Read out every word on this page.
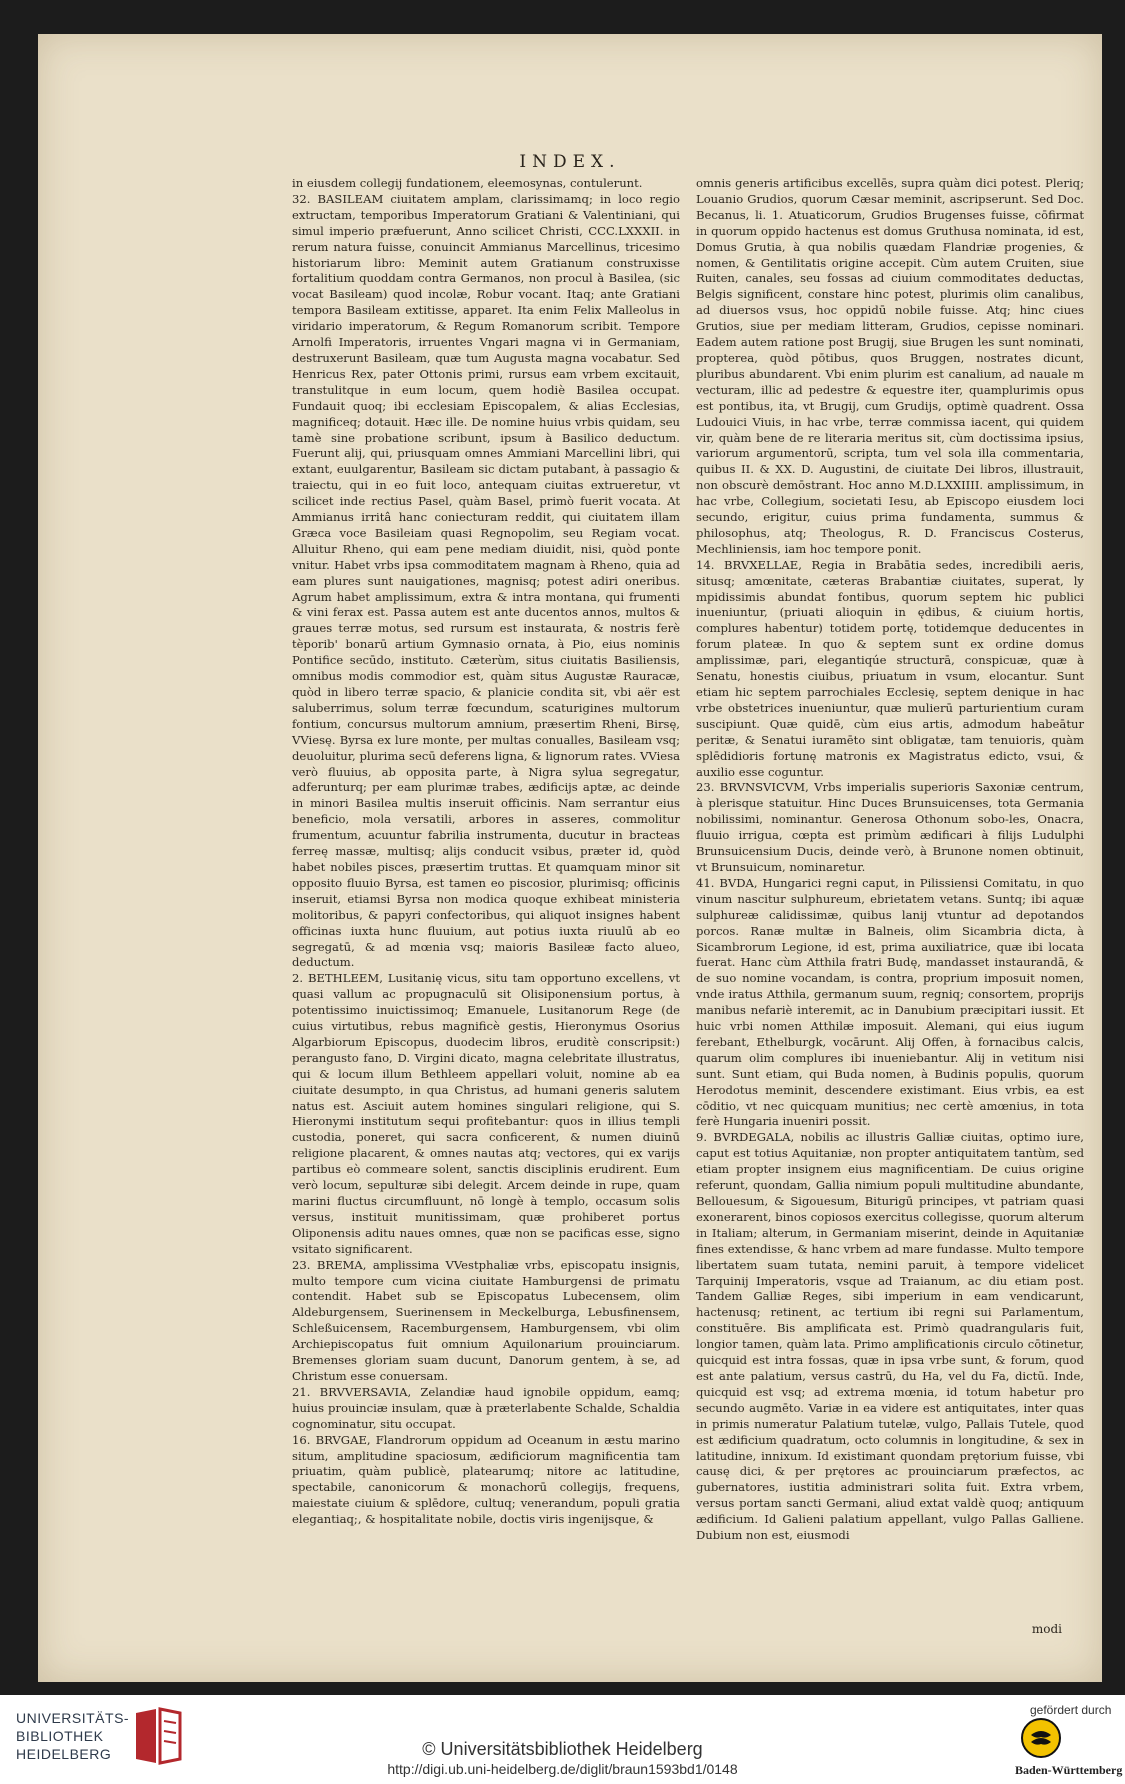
INDEX.

in eiusdem collegij fundationem, eleemosynas, contulerunt.

32. BASILEAM ciuitatem amplam, clarissimamq; in loco regio extructam, temporibus Imperatorum Gratiani & Valentiniani, qui simul imperio præfuerunt, Anno scilicet Christi, CCC.LXXXII. in rerum natura fuisse, conuincit Ammianus Marcellinus, tricesimo historiarum libro: Meminit autem Gratianum construxisse fortalitium quoddam contra Germanos, non procul à Basilea, (sic vocat Basileam) quod incolæ, Robur vocant. Itaq; ante Gratiani tempora Basileam extitisse, apparet. Ita enim Felix Malleolus in viridario imperatorum, & Regum Romanorum scribit. Tempore Arnolfi Imperatoris, irruentes Vngari magna vi in Germaniam, destruxerunt Basileam, quæ tum Augusta magna vocabatur. Sed Henricus Rex, pater Ottonis primi, rursus eam vrbem excitauit, transtulitque in eum locum, quem hodiè Basilea occupat. Fundauit quoq; ibi ecclesiam Episcopalem, & alias Ecclesias, magnificeq; dotauit. Hæc ille. De nomine huius vrbis quidam, seu tamè sine probatione scribunt, ipsum à Basilico deductum. Fuerunt alij, qui, priusquam omnes Ammiani Marcellini libri, qui extant, euulgarentur, Basileam sic dictam putabant, à passagio & traiectu, qui in eo fuit loco, antequam ciuitas extrueretur, vt scilicet inde rectius Pasel, quàm Basel, primò fuerit vocata. At Ammianus irritâ hanc coniecturam reddit, qui ciuitatem illam Græca voce Basileiam quasi Regnopolim, seu Regiam vocat. Alluitur Rheno, qui eam pene mediam diuidit, nisi, quòd ponte vnitur. Habet vrbs ipsa commoditatem magnam à Rheno, quia ad eam plures sunt nauigationes, magnisq; potest adiri oneribus. Agrum habet amplissimum, extra & intra montana, qui frumenti & vini ferax est. Passa autem est ante ducentos annos, multos & graues terræ motus, sed rursum est instaurata, & nostris ferè tèporib' bonarū artium Gymnasio ornata, à Pio, eius nominis Pontifice secūdo, instituto. Cæterùm, situs ciuitatis Basiliensis, omnibus modis commodior est, quàm situs Augustæ Rauracæ, quòd in libero terræ spacio, & planicie condita sit, vbi aër est saluberrimus, solum terræ fœcundum, scaturigines multorum fontium, concursus multorum amnium, præsertim Rheni, Birsę, VViesę. Byrsa ex lure monte, per multas conualles, Basileam vsq; deuoluitur, plurima secū deferens ligna, & lignorum rates. VViesa verò fluuius, ab opposita parte, à Nigra sylua segregatur, adferunturq; per eam plurimæ trabes, ædificijs aptæ, ac deinde in minori Basilea multis inseruit officinis. Nam serrantur eius beneficio, mola versatili, arbores in asseres, commolitur frumentum, acuuntur fabrilia instrumenta, ducutur in bracteas ferreę massæ, multisq; alijs conducit vsibus, præter id, quòd habet nobiles pisces, præsertim truttas. Et quamquam minor sit opposito fluuio Byrsa, est tamen eo piscosior, plurimisq; officinis inseruit, etiamsi Byrsa non modica quoque exhibeat ministeria molitoribus, & papyri confectoribus, qui aliquot insignes habent officinas iuxta hunc fluuium, aut potius iuxta riuulū ab eo segregatū, & ad mœnia vsq; maioris Basileæ facto alueo, deductum.

2. BETHLEEM, Lusitanię vicus, situ tam opportuno excellens, vt quasi vallum ac propugnaculū sit Olisiponensium portus, à potentissimo inuictissimoq; Emanuele, Lusitanorum Rege (de cuius virtutibus, rebus magnificè gestis, Hieronymus Osorius Algarbiorum Episcopus, duodecim libros, eruditè conscripsit:) perangusto fano, D. Virgini dicato, magna celebritate illustratus, qui & locum illum Bethleem appellari voluit, nomine ab ea ciuitate desumpto, in qua Christus, ad humani generis salutem natus est. Asciuit autem homines singulari religione, qui S. Hieronymi institutum sequi profitebantur: quos in illius templi custodia, poneret, qui sacra conficerent, & numen diuinū religione placarent, & omnes nautas atq; vectores, qui ex varijs partibus eò commeare solent, sanctis disciplinis erudirent. Eum verò locum, sepulturæ sibi delegit. Arcem deinde in rupe, quam marini fluctus circumfluunt, nō longè à templo, occasum solis versus, instituit munitissimam, quæ prohiberet portus Oliponensis aditu naues omnes, quæ non se pacificas esse, signo vsitato significarent.

23. BREMA, amplissima VVestphaliæ vrbs, episcopatu insignis, multo tempore cum vicina ciuitate Hamburgensi de primatu contendit. Habet sub se Episcopatus Lubecensem, olim Aldeburgensem, Suerinensem in Meckelburga, Lebusfinensem, Schleßuicensem, Racemburgensem, Hamburgensem, vbi olim Archiepiscopatus fuit omnium Aquilonarium prouinciarum. Bremenses gloriam suam ducunt, Danorum gentem, à se, ad Christum esse conuersam.

21. BRVVERSAVIA, Zelandiæ haud ignobile oppidum, eamq; huius prouinciæ insulam, quæ à præterlabente Schalde, Schaldia cognominatur, situ occupat.

16. BRVGAE, Flandrorum oppidum ad Oceanum in æstu marino situm, amplitudine spaciosum, ædificiorum magnificentia tam priuatim, quàm publicè, platearumq; nitore ac latitudine, spectabile, canonicorum & monachorū collegijs, frequens, maiestate ciuium & splēdore, cultuq; venerandum, populi gratia elegantiaq;, & hospitalitate nobile, doctis viris ingenijsque, &

omnis generis artificibus excellēs, supra quàm dici potest. Pleriq; Louanio Grudios, quorum Cæsar meminit, ascripserunt. Sed Doc. Becanus, li. 1. Atuaticorum, Grudios Brugenses fuisse, cōfirmat in quorum oppido hactenus est domus Gruthusa nominata, id est, Domus Grutia, à qua nobilis quædam Flandriæ progenies, & nomen, & Gentilitatis origine accepit. Cùm autem Cruiten, siue Ruiten, canales, seu fossas ad ciuium commoditates deductas, Belgis significent, constare hinc potest, plurimis olim canalibus, ad diuersos vsus, hoc oppidū nobile fuisse. Atq; hinc ciues Grutios, siue per mediam litteram, Grudios, cepisse nominari. Eadem autem ratione post Brugij, siue Brugen les sunt nominati, propterea, quòd pōtibus, quos Bruggen, nostrates dicunt, pluribus abundarent. Vbi enim plurim est canalium, ad nauale m vecturam, illic ad pedestre & equestre iter, quamplurimis opus est pontibus, ita, vt Brugij, cum Grudijs, optimè quadrent. Ossa Ludouici Viuis, in hac vrbe, terræ commissa iacent, qui quidem vir, quàm bene de re literaria meritus sit, cùm doctissima ipsius, variorum argumentorū, scripta, tum vel sola illa commentaria, quibus II. & XX. D. Augustini, de ciuitate Dei libros, illustrauit, non obscurè demōstrant. Hoc anno M.D.LXXIIII. amplissimum, in hac vrbe, Collegium, societati Iesu, ab Episcopo eiusdem loci secundo, erigitur, cuius prima fundamenta, summus & philosophus, atq; Theologus, R. D. Franciscus Costerus, Mechliniensis, iam hoc tempore ponit.

14. BRVXELLAE, Regia in Brabātia sedes, incredibili aeris, situsq; amœnitate, cæteras Brabantiæ ciuitates, superat, ly mpidissimis abundat fontibus, quorum septem hic publici inueniuntur, (priuati alioquin in ędibus, & ciuium hortis, complures habentur) totidem portę, totidemque deducentes in forum plateæ. In quo & septem sunt ex ordine domus amplissimæ, pari, elegantiqúe structurā, conspicuæ, quæ à Senatu, honestis ciuibus, priuatum in vsum, elocantur. Sunt etiam hic septem parrochiales Ecclesię, septem denique in hac vrbe obstetrices inueniuntur, quæ mulierū parturientium curam suscipiunt. Quæ quidē, cùm eius artis, admodum habeātur peritæ, & Senatui iuramēto sint obligatæ, tam tenuioris, quàm splēdidioris fortunę matronis ex Magistratus edicto, vsui, & auxilio esse coguntur.

23. BRVNSVICVM, Vrbs imperialis superioris Saxoniæ centrum, à plerisque statuitur. Hinc Duces Brunsuicenses, tota Germania nobilissimi, nominantur. Generosa Othonum sobo-les, Onacra, fluuio irrigua, cœpta est primùm ædificari à filijs Ludulphi Brunsuicensium Ducis, deinde verò, à Brunone nomen obtinuit, vt Brunsuicum, nominaretur.

41. BVDA, Hungarici regni caput, in Pilissiensi Comitatu, in quo vinum nascitur sulphureum, ebrietatem vetans. Suntq; ibi aquæ sulphureæ calidissimæ, quibus lanij vtuntur ad depotandos porcos. Ranæ multæ in Balneis, olim Sicambria dicta, à Sicambrorum Legione, id est, prima auxiliatrice, quæ ibi locata fuerat. Hanc cùm Atthila fratri Budę, mandasset instaurandā, & de suo nomine vocandam, is contra, proprium imposuit nomen, vnde iratus Atthila, germanum suum, regniq; consortem, proprijs manibus nefariè interemit, ac in Danubium præcipitari iussit. Et huic vrbi nomen Atthilæ imposuit. Alemani, qui eius iugum ferebant, Ethelburgk, vocārunt. Alij Offen, à fornacibus calcis, quarum olim complures ibi inueniebantur. Alij in vetitum nisi sunt. Sunt etiam, qui Buda nomen, à Budinis populis, quorum Herodotus meminit, descendere existimant. Eius vrbis, ea est cōditio, vt nec quicquam munitius; nec certè amœnius, in tota ferè Hungaria inueniri possit.

9. BVRDEGALA, nobilis ac illustris Galliæ ciuitas, optimo iure, caput est totius Aquitaniæ, non propter antiquitatem tantùm, sed etiam propter insignem eius magnificentiam. De cuius origine referunt, quondam, Gallia nimium populi multitudine abundante, Bellouesum, & Sigouesum, Biturigū principes, vt patriam quasi exonerarent, binos copiosos exercitus collegisse, quorum alterum in Italiam; alterum, in Germaniam miserint, deinde in Aquitaniæ fines extendisse, & hanc vrbem ad mare fundasse. Multo tempore libertatem suam tutata, nemini paruit, à tempore videlicet Tarquinij Imperatoris, vsque ad Traianum, ac diu etiam post. Tandem Galliæ Reges, sibi imperium in eam vendicarunt, hactenusq; retinent, ac tertium ibi regni sui Parlamentum, constituēre. Bis amplificata est. Primò quadrangularis fuit, longior tamen, quàm lata. Primo amplificationis circulo cōtinetur, quicquid est intra fossas, quæ in ipsa vrbe sunt, & forum, quod est ante palatium, versus castrū, du Ha, vel du Fa, dictū. Inde, quicquid est vsq; ad extrema mœnia, id totum habetur pro secundo augmēto. Variæ in ea videre est antiquitates, inter quas in primis numeratur Palatium tutelæ, vulgo, Pallais Tutele, quod est ædificium quadratum, octo columnis in longitudine, & sex in latitudine, innixum. Id existimant quondam prętorium fuisse, vbi causę dici, & per prętores ac prouinciarum præfectos, ac gubernatores, iustitia administrari solita fuit. Extra vrbem, versus portam sancti Germani, aliud extat valdè quoq; antiquum ædificium. Id Galieni palatium appellant, vulgo Pallas Galliene. Dubium non est, eiusmodi

modi
UNIVERSITÄTS-
BIBLIOTHEK
HEIDELBERG	© Universitätsbibliothek Heidelberg
http://digi.ub.uni-heidelberg.de/diglit/braun1593bd1/0148
gefördert durch
Baden-Württemberg
